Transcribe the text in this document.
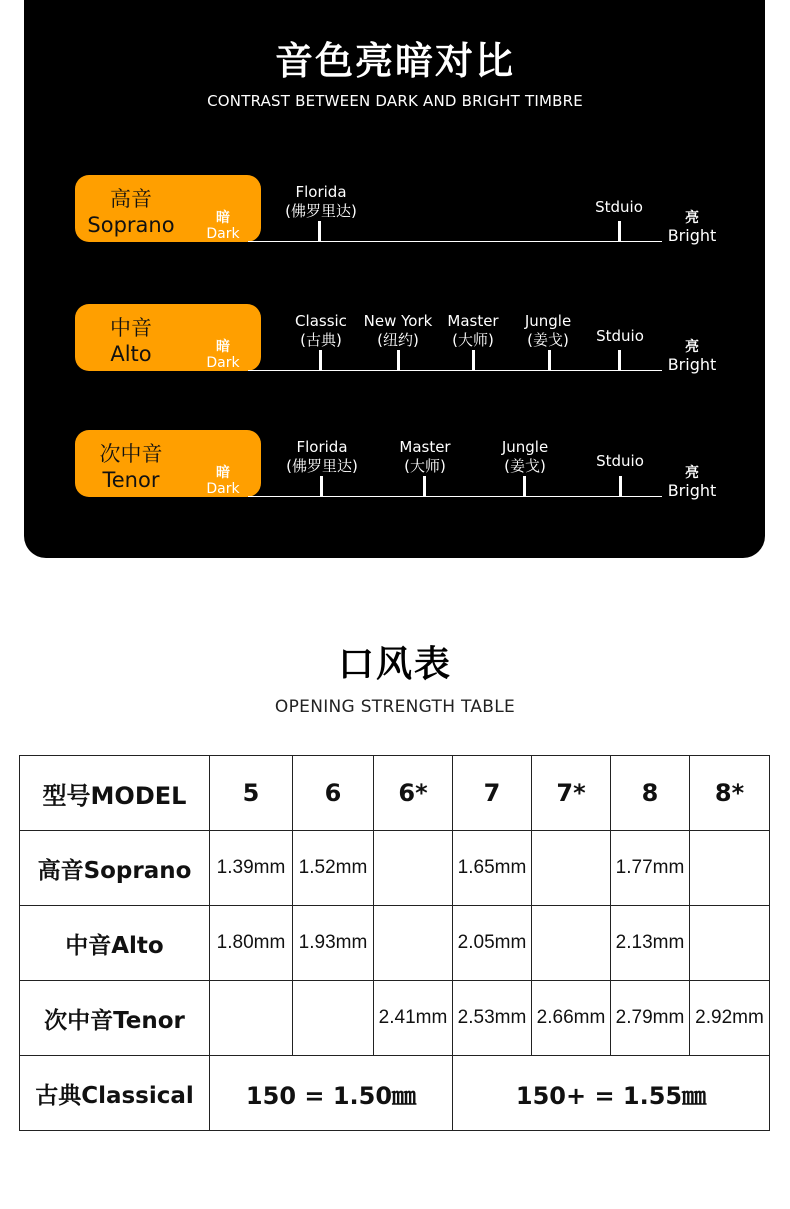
音色亮暗对比
CONTRAST BETWEEN DARK AND BRIGHT TIMBRE
高音
Soprano	暗
Dark
Florida
(佛罗里达)	Stduio
亮
Bright
中音
Alto	暗
Dark
Classic
(古典)
New York
(纽约)
Master
(大师)
Jungle
(姜戈)	Stduio
亮
Bright
次中音
Tenor	暗
Dark
Florida
(佛罗里达)
Master
(大师)
Jungle
(姜戈)	Stduio
亮
Bright
口风表
OPENING STRENGTH TABLE
型号MODEL	5	6	6*	7	7*	8	8*
高音Soprano	1.39mm	1.52mm		1.65mm		1.77mm	
中音Alto	1.80mm	1.93mm		2.05mm		2.13mm	
次中音Tenor			2.41mm	2.53mm	2.66mm	2.79mm	2.92mm
古典Classical	150 = 1.50㎜			150+ = 1.55㎜			
